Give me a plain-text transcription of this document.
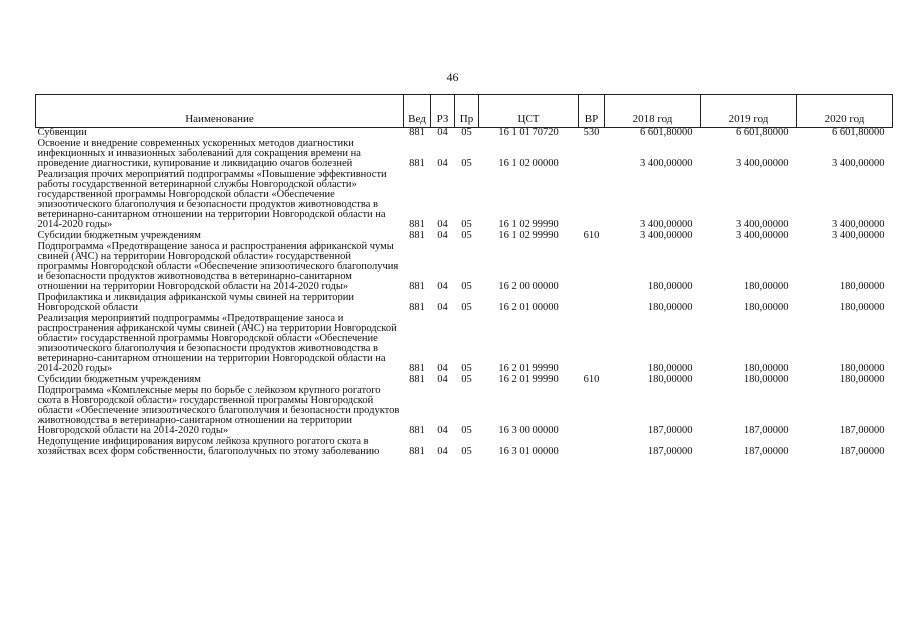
46
Наименование	Вед	РЗ	Пр	ЦСТ	ВР	2018 год	2019 год	2020 год
Субвенции	881	04	05	16 1 01 70720	530	6 601,80000	6 601,80000	6 601,80000
Освоение и внедрение современных ускоренных методов диагностики инфекционных и инвазионных заболеваний для сокращения времени на проведение диагностики, купирование и ликвидацию очагов болезней	881	04	05	16 1 02 00000		3 400,00000	3 400,00000	3 400,00000
Реализация прочих мероприятий подпрограммы «Повышение эффективности работы государственной ветеринарной службы Новгородской области» государственной программы Новгородской области «Обеспечение эпизоотического благополучия и безопасности продуктов животноводства в ветеринарно-санитарном отношении на территории Новгородской области на 2014-2020 годы»	881	04	05	16 1 02 99990		3 400,00000	3 400,00000	3 400,00000
Субсидии бюджетным учреждениям	881	04	05	16 1 02 99990	610	3 400,00000	3 400,00000	3 400,00000
Подпрограмма «Предотвращение заноса и распространения африканской чумы свиней (АЧС) на территории Новгородской области» государственной программы Новгородской области «Обеспечение эпизоотического благополучия и безопасности продуктов животноводства в ветеринарно-санитарном отношении на территории Новгородской области на 2014-2020 годы»	881	04	05	16 2 00 00000		180,00000	180,00000	180,00000
Профилактика и ликвидация африканской чумы свиней на территории Новгородской области	881	04	05	16 2 01 00000		180,00000	180,00000	180,00000
Реализация мероприятий подпрограммы «Предотвращение заноса и распространения африканской чумы свиней (АЧС) на территории Новгородской области» государственной программы Новгородской области «Обеспечение эпизоотического благополучия и безопасности продуктов животноводства в ветеринарно-санитарном отношении на территории Новгородской области на 2014-2020 годы»	881	04	05	16 2 01 99990		180,00000	180,00000	180,00000
Субсидии бюджетным учреждениям	881	04	05	16 2 01 99990	610	180,00000	180,00000	180,00000
Подпрограмма «Комплексные меры по борьбе с лейкозом крупного рогатого скота в Новгородской области» государственной программы Новгородской области «Обеспечение эпизоотического благополучия и безопасности продуктов животноводства в ветеринарно-санитарном отношении на территории Новгородской области на 2014-2020 годы»	881	04	05	16 3 00 00000		187,00000	187,00000	187,00000
Недопущение инфицирования вирусом лейкоза крупного рогатого скота в хозяйствах всех форм собственности, благополучных по этому заболеванию	881	04	05	16 3 01 00000		187,00000	187,00000	187,00000
